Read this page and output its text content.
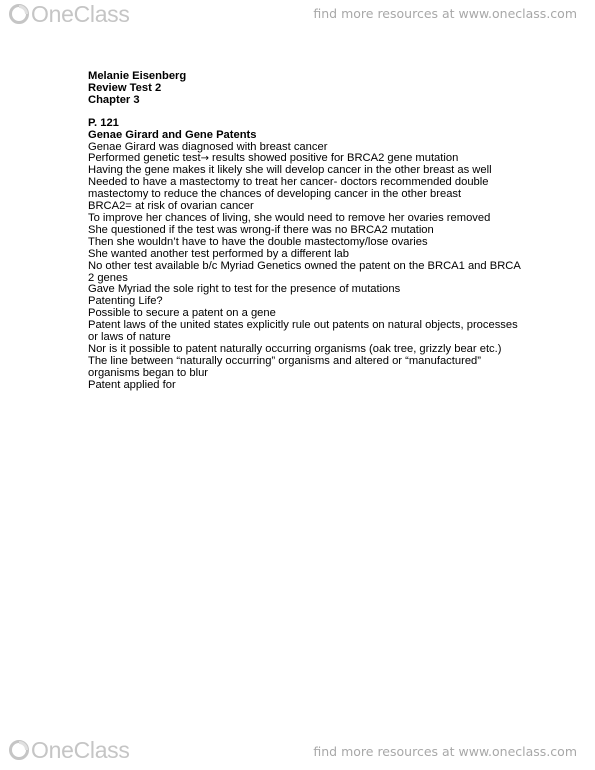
OneClass	find more resources at www.oneclass.com
Melanie Eisenberg
Review Test 2
Chapter 3
P. 121
Genae Girard and Gene Patents
Genae Girard was diagnosed with breast cancer
Performed genetic test→ results showed positive for BRCA2 gene mutation
Having the gene makes it likely she will develop cancer in the other breast as well
Needed to have a mastectomy to treat her cancer- doctors recommended double
mastectomy to reduce the chances of developing cancer in the other breast
BRCA2= at risk of ovarian cancer
To improve her chances of living, she would need to remove her ovaries removed
She questioned if the test was wrong-if there was no BRCA2 mutation
Then she wouldn’t have to have the double mastectomy/lose ovaries
She wanted another test performed by a different lab
No other test available b/c Myriad Genetics owned the patent on the BRCA1 and BRCA
2 genes
Gave Myriad the sole right to test for the presence of mutations
Patenting Life?
Possible to secure a patent on a gene
Patent laws of the united states explicitly rule out patents on natural objects, processes
or laws of nature
Nor is it possible to patent naturally occurring organisms (oak tree, grizzly bear etc.)
The line between “naturally occurring” organisms and altered or “manufactured”
organisms began to blur
Patent applied for
OneClass	find more resources at www.oneclass.com
